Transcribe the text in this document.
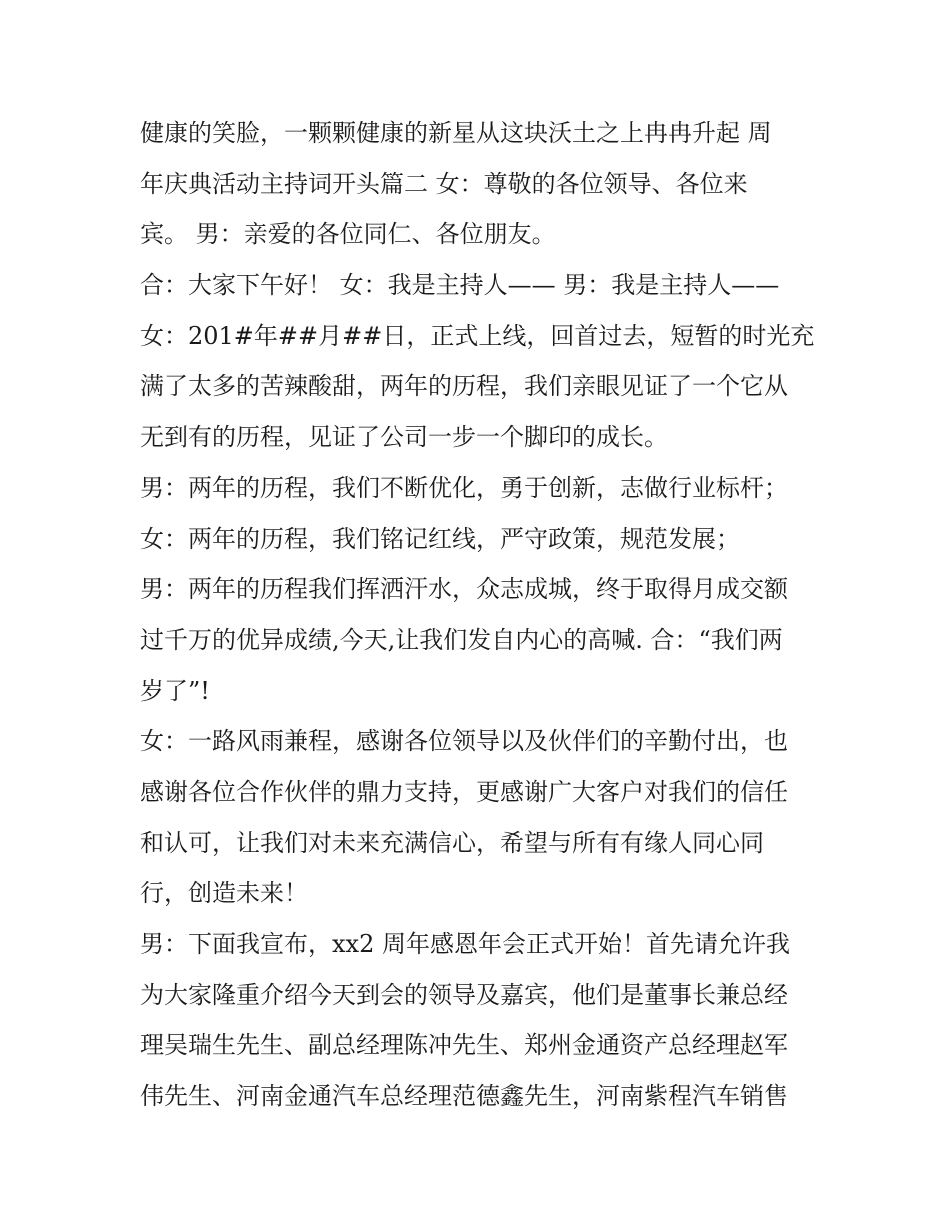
健康的笑脸，一颗颗健康的新星从这块沃土之上冉冉升起 周
年庆典活动主持词开头篇二 女：尊敬的各位领导、各位来
宾。 男：亲爱的各位同仁、各位朋友。
合：大家下午好！ 女：我是主持人—— 男：我是主持人——
女：201#年##月##日，正式上线，回首过去，短暂的时光充
满了太多的苦辣酸甜，两年的历程，我们亲眼见证了一个它从
无到有的历程，见证了公司一步一个脚印的成长。
男：两年的历程，我们不断优化，勇于创新，志做行业标杆；
女：两年的历程，我们铭记红线，严守政策，规范发展；
男：两年的历程我们挥洒汗水，众志成城，终于取得月成交额
过千万的优异成绩,今天,让我们发自内心的高喊. 合：“我们两
岁了”!
女：一路风雨兼程，感谢各位领导以及伙伴们的辛勤付出，也
感谢各位合作伙伴的鼎力支持，更感谢广大客户对我们的信任
和认可，让我们对未来充满信心，希望与所有有缘人同心同
行，创造未来！
男：下面我宣布，xx2 周年感恩年会正式开始！首先请允许我
为大家隆重介绍今天到会的领导及嘉宾，他们是董事长兼总经
理吴瑞生先生、副总经理陈冲先生、郑州金通资产总经理赵军
伟先生、河南金通汽车总经理范德鑫先生，河南紫程汽车销售
